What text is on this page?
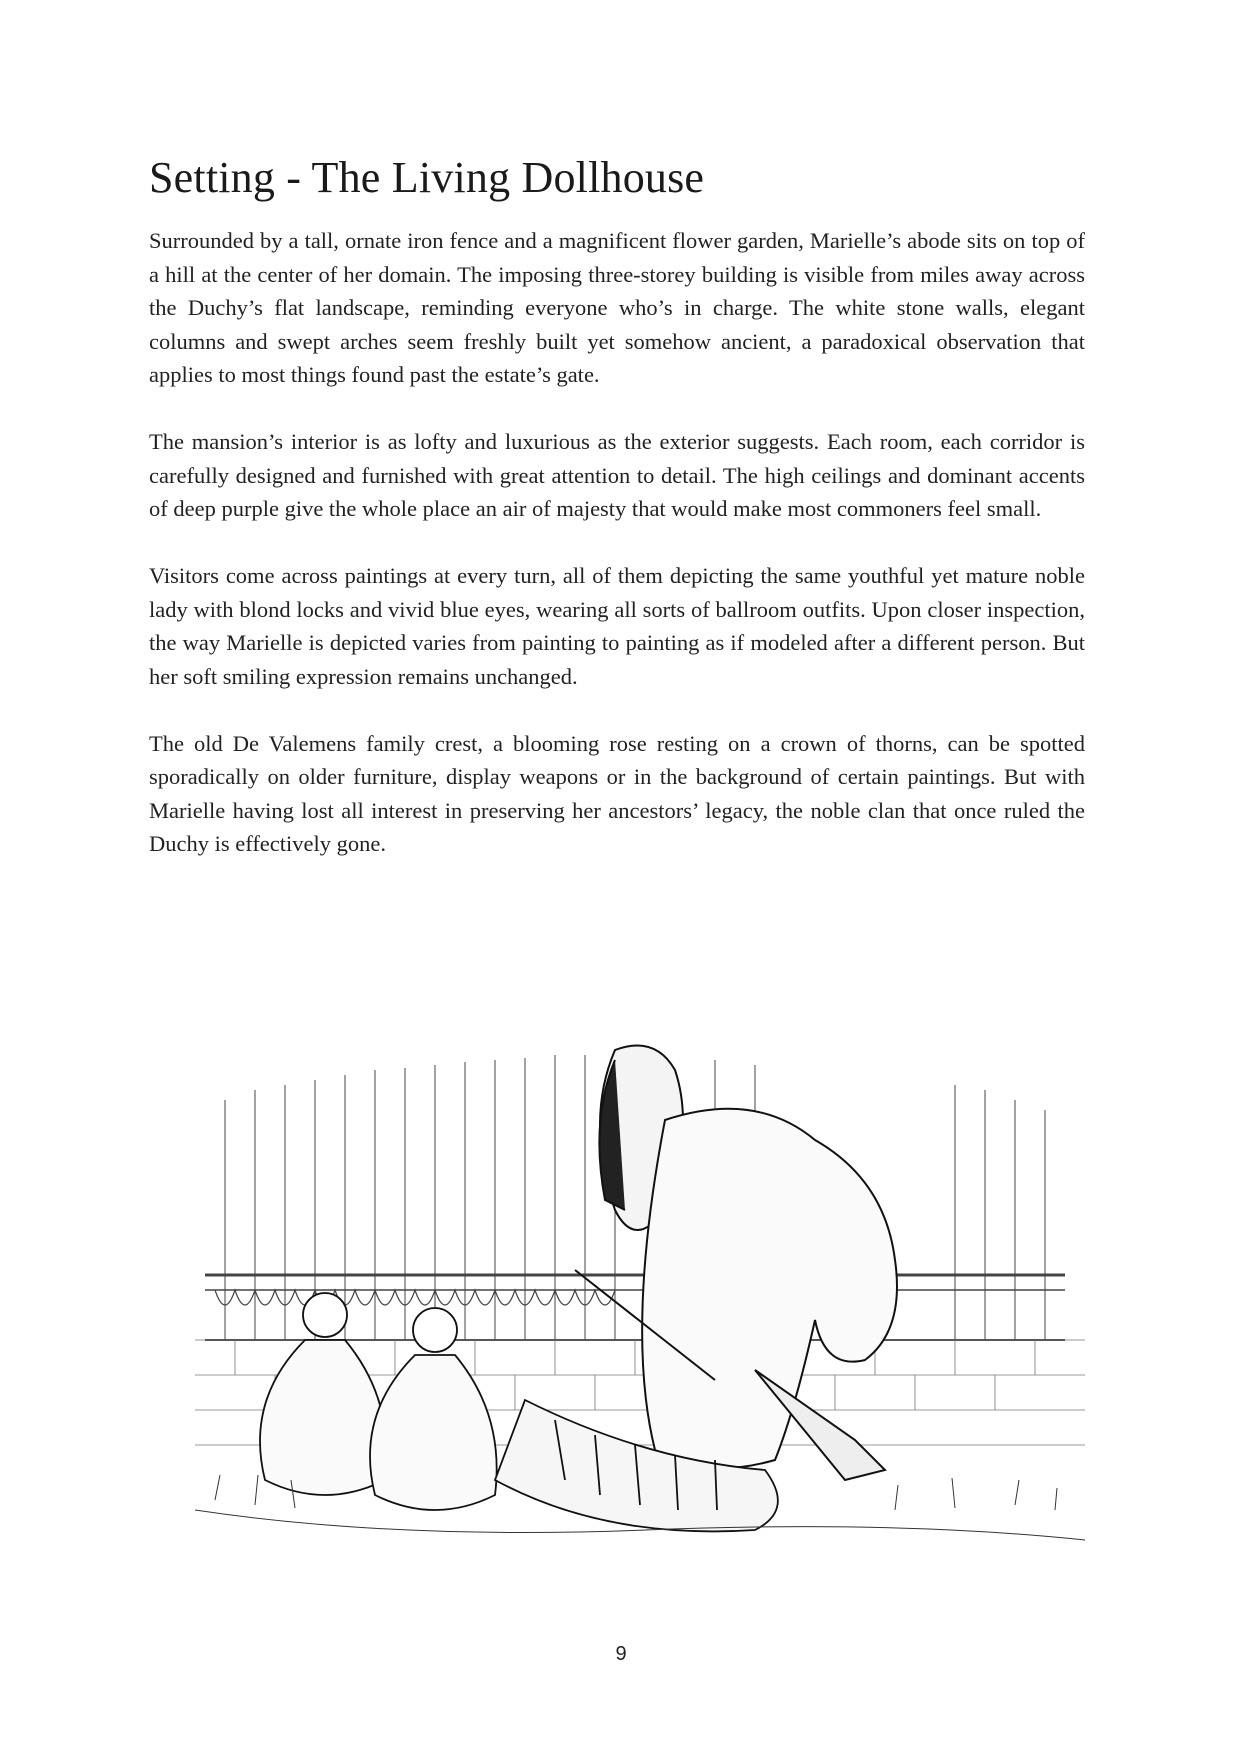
Setting - The Living Dollhouse

Surrounded by a tall, ornate iron fence and a magnificent flower garden, Marielle’s abode sits on top of a hill at the center of her domain. The imposing three-storey building is visible from miles away across the Duchy’s flat landscape, reminding everyone who’s in charge. The white stone walls, elegant columns and swept arches seem freshly built yet somehow ancient, a paradoxical observation that applies to most things found past the estate’s gate.

The mansion’s interior is as lofty and luxurious as the exterior suggests. Each room, each corridor is carefully designed and furnished with great attention to detail. The high ceilings and dominant accents of deep purple give the whole place an air of majesty that would make most commoners feel small.

Visitors come across paintings at every turn, all of them depicting the same youthful yet mature noble lady with blond locks and vivid blue eyes, wearing all sorts of ballroom outfits. Upon closer inspection, the way Marielle is depicted varies from painting to painting as if modeled after a different person. But her soft smiling expression remains unchanged.

The old De Valemens family crest, a blooming rose resting on a crown of thorns, can be spotted sporadically on older furniture, display weapons or in the background of certain paintings. But with Marielle having lost all interest in preserving her ancestors’ legacy, the noble clan that once ruled the Duchy is effectively gone.

9
